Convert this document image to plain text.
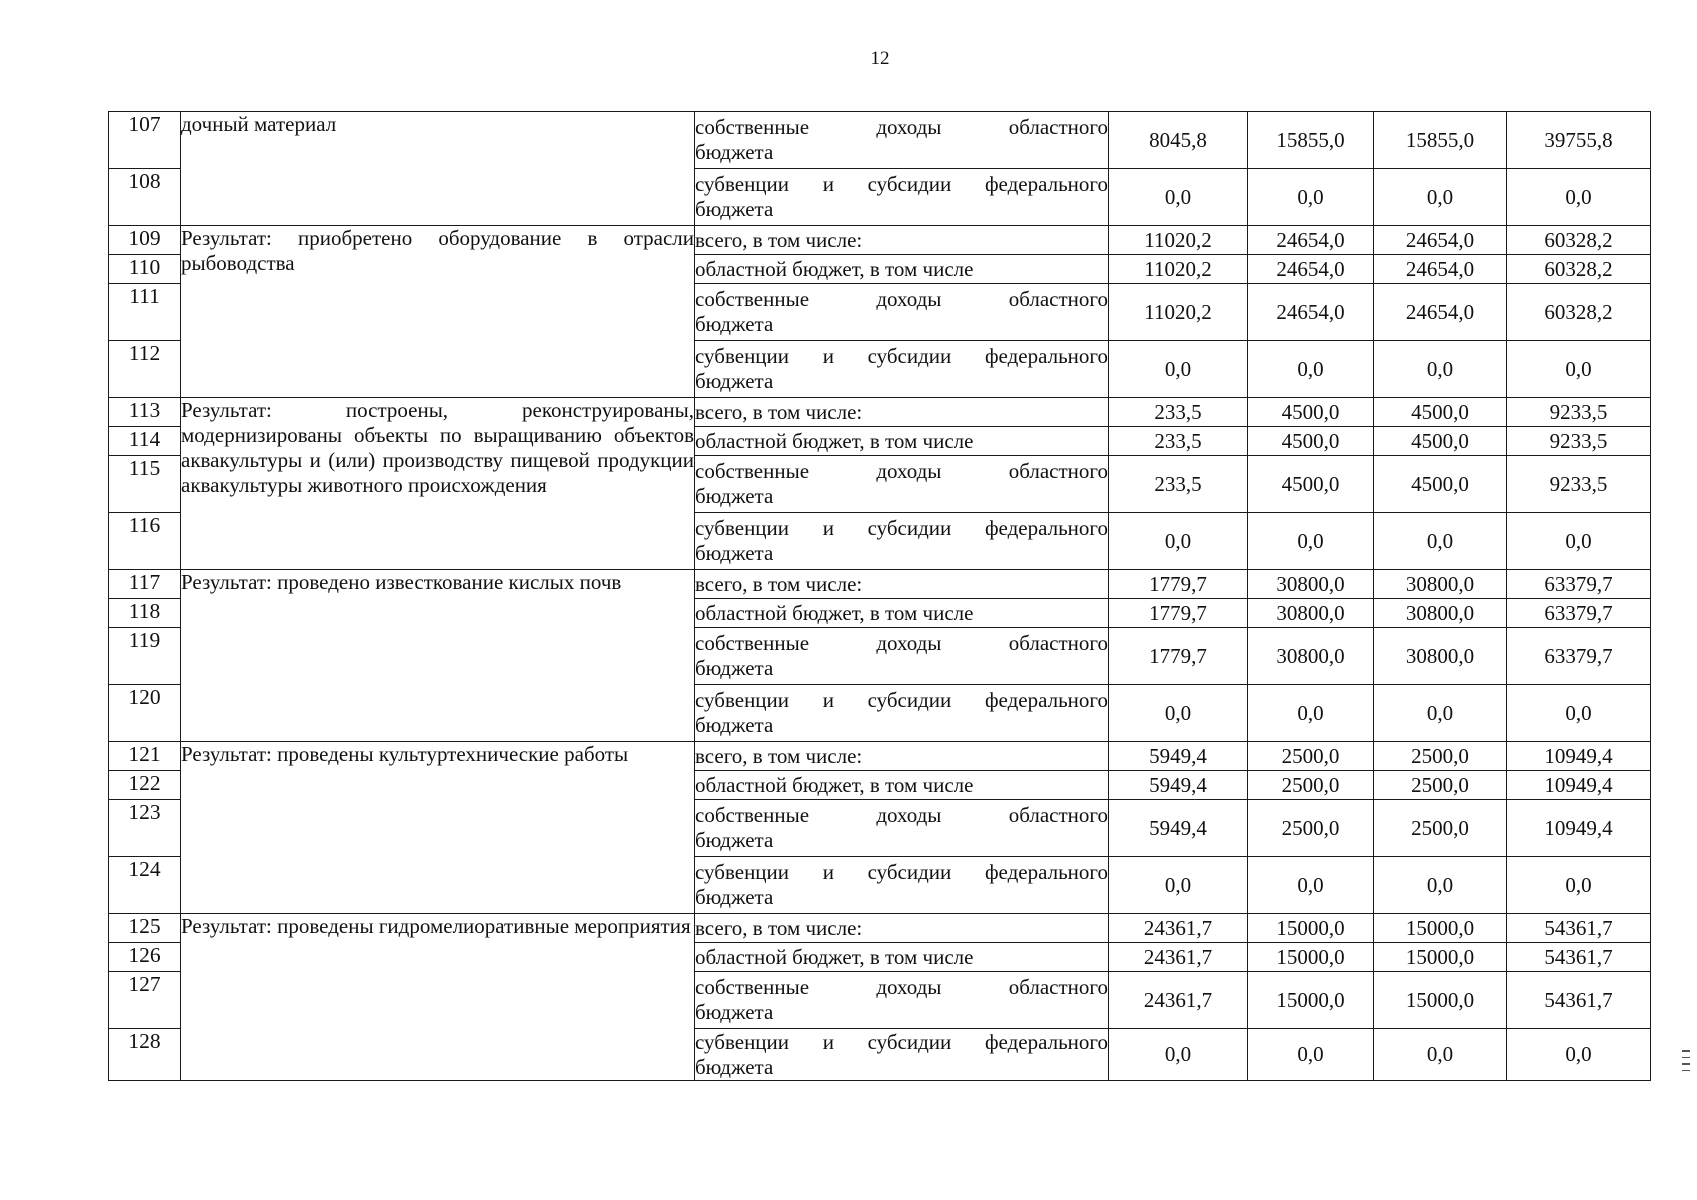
12
107	дочный материал	собственные доходы областного
бюджета	8045,8	15855,0	15855,0	39755,8
108		субвенции и субсидии федерального
бюджета	0,0	0,0	0,0	0,0
109	Результат: приобретено оборудование в отрасли рыбоводства	всего, в том числе:	11020,2	24654,0	24654,0	60328,2
110		областной бюджет, в том числе	11020,2	24654,0	24654,0	60328,2
111		собственные доходы областного
бюджета	11020,2	24654,0	24654,0	60328,2
112		субвенции и субсидии федерального
бюджета	0,0	0,0	0,0	0,0
113	Результат: построены, реконструированы, модернизированы объекты по выращиванию объектов аквакультуры и (или) производству пищевой продукции аквакультуры животного происхождения	всего, в том числе:	233,5	4500,0	4500,0	9233,5
114		областной бюджет, в том числе	233,5	4500,0	4500,0	9233,5
115		собственные доходы областного
бюджета	233,5	4500,0	4500,0	9233,5
116		субвенции и субсидии федерального
бюджета	0,0	0,0	0,0	0,0
117	Результат: проведено известкование кислых почв	всего, в том числе:	1779,7	30800,0	30800,0	63379,7
118		областной бюджет, в том числе	1779,7	30800,0	30800,0	63379,7
119		собственные доходы областного
бюджета	1779,7	30800,0	30800,0	63379,7
120		субвенции и субсидии федерального
бюджета	0,0	0,0	0,0	0,0
121	Результат: проведены культуртехнические работы	всего, в том числе:	5949,4	2500,0	2500,0	10949,4
122		областной бюджет, в том числе	5949,4	2500,0	2500,0	10949,4
123		собственные доходы областного
бюджета	5949,4	2500,0	2500,0	10949,4
124		субвенции и субсидии федерального
бюджета	0,0	0,0	0,0	0,0
125	Результат: проведены гидромелиоративные мероприятия	всего, в том числе:	24361,7	15000,0	15000,0	54361,7
126		областной бюджет, в том числе	24361,7	15000,0	15000,0	54361,7
127		собственные доходы областного
бюджета	24361,7	15000,0	15000,0	54361,7
128		субвенции и субсидии федерального
бюджета	0,0	0,0	0,0	0,0
